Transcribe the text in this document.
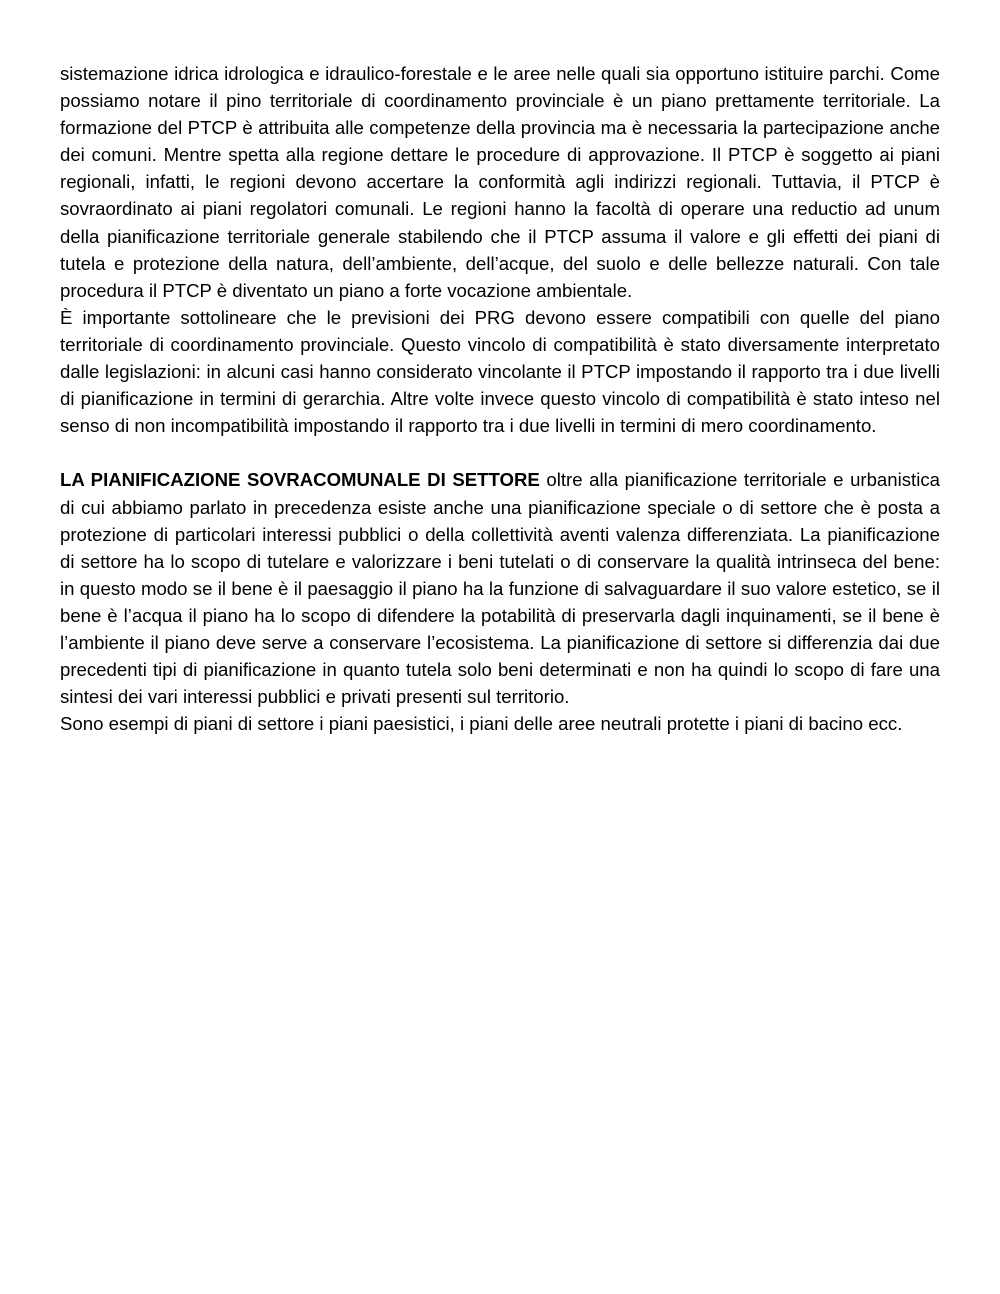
sistemazione idrica idrologica e idraulico-forestale e le aree nelle quali sia opportuno istituire parchi. Come possiamo notare il pino territoriale di coordinamento provinciale è un piano prettamente territoriale. La formazione del PTCP è attribuita alle competenze della provincia ma è necessaria la partecipazione anche dei comuni. Mentre spetta alla regione dettare le procedure di approvazione. Il PTCP è soggetto ai piani regionali, infatti, le regioni devono accertare la conformità agli indirizzi regionali. Tuttavia, il PTCP è sovraordinato ai piani regolatori comunali. Le regioni hanno la facoltà di operare una reductio ad unum della pianificazione territoriale generale stabilendo che il PTCP assuma il valore e gli effetti dei piani di tutela e protezione della natura, dell’ambiente, dell’acque, del suolo e delle bellezze naturali. Con tale procedura il PTCP è diventato un piano a forte vocazione ambientale.

È importante sottolineare che le previsioni dei PRG devono essere compatibili con quelle del piano territoriale di coordinamento provinciale. Questo vincolo di compatibilità è stato diversamente interpretato dalle legislazioni: in alcuni casi hanno considerato vincolante il PTCP impostando il rapporto tra i due livelli di pianificazione in termini di gerarchia. Altre volte invece questo vincolo di compatibilità è stato inteso nel senso di non incompatibilità impostando il rapporto tra i due livelli in termini di mero coordinamento.

LA PIANIFICAZIONE SOVRACOMUNALE DI SETTORE oltre alla pianificazione territoriale e urbanistica di cui abbiamo parlato in precedenza esiste anche una pianificazione speciale o di settore che è posta a protezione di particolari interessi pubblici o della collettività aventi valenza differenziata. La pianificazione di settore ha lo scopo di tutelare e valorizzare i beni tutelati o di conservare la qualità intrinseca del bene: in questo modo se il bene è il paesaggio il piano ha la funzione di salvaguardare il suo valore estetico, se il bene è l’acqua il piano ha lo scopo di difendere la potabilità di preservarla dagli inquinamenti, se il bene è l’ambiente il piano deve serve a conservare l’ecosistema. La pianificazione di settore si differenzia dai due precedenti tipi di pianificazione in quanto tutela solo beni determinati e non ha quindi lo scopo di fare una sintesi dei vari interessi pubblici e privati presenti sul territorio.

Sono esempi di piani di settore i piani paesistici, i piani delle aree neutrali protette i piani di bacino ecc.
